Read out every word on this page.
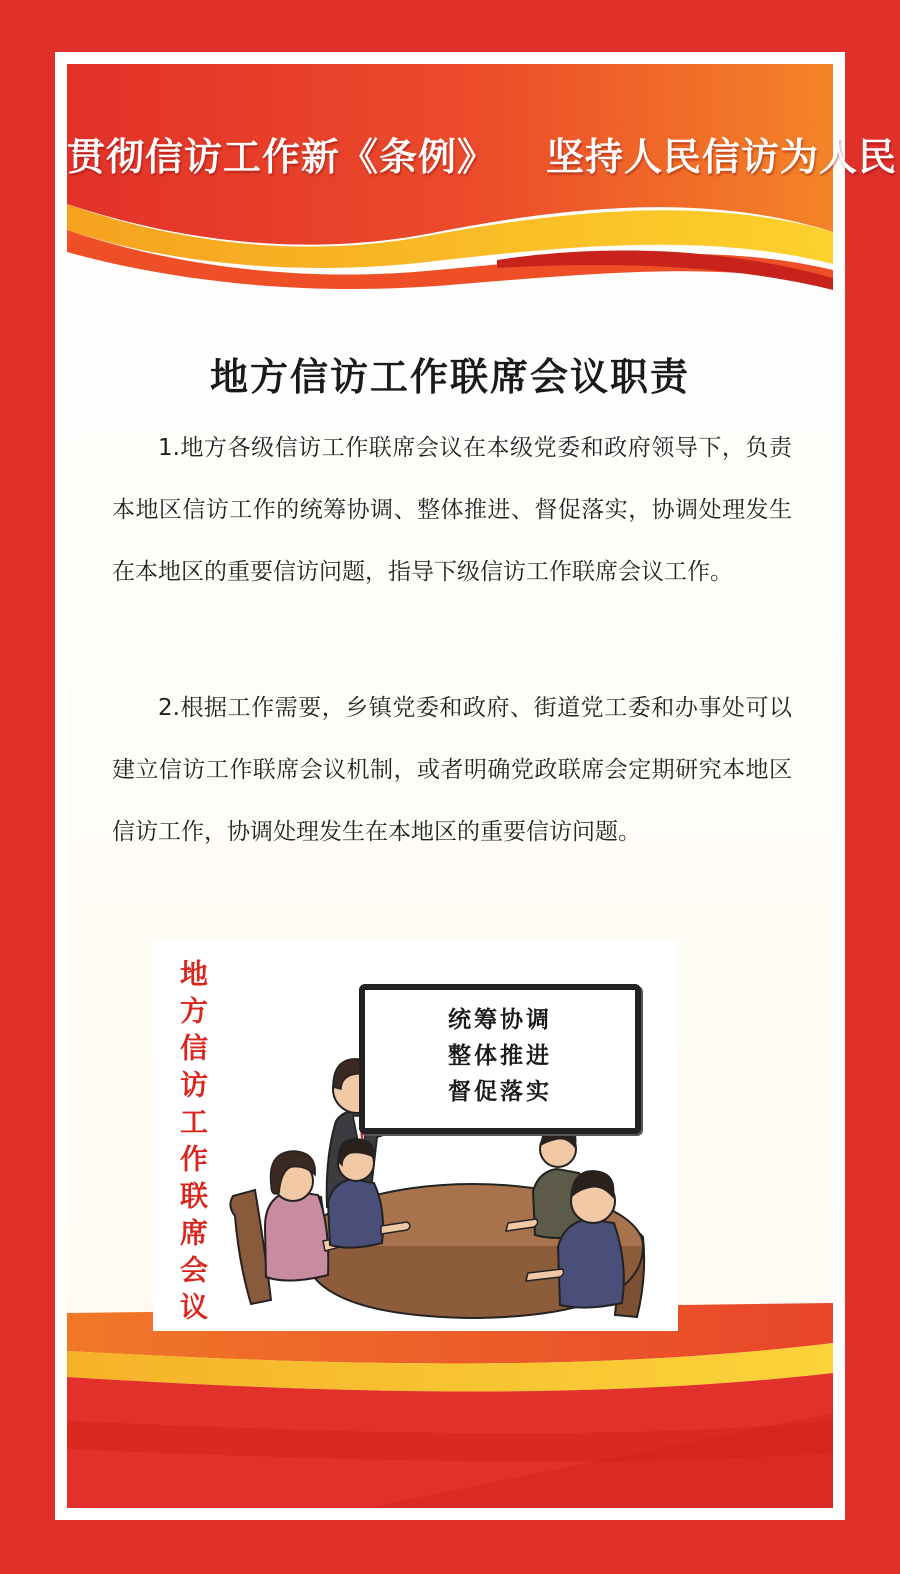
贯彻信访工作新《条例》 坚持人民信访为人民
地方信访工作联席会议职责

1.地方各级信访工作联席会议在本级党委和政府领导下，负责本地区信访工作的统筹协调、整体推进、督促落实，协调处理发生在本地区的重要信访问题，指导下级信访工作联席会议工作。

2.根据工作需要，乡镇党委和政府、街道党工委和办事处可以建立信访工作联席会议机制，或者明确党政联席会定期研究本地区信访工作，协调处理发生在本地区的重要信访问题。

地方信访工作联席会议	统筹协调
整体推进
督促落实
